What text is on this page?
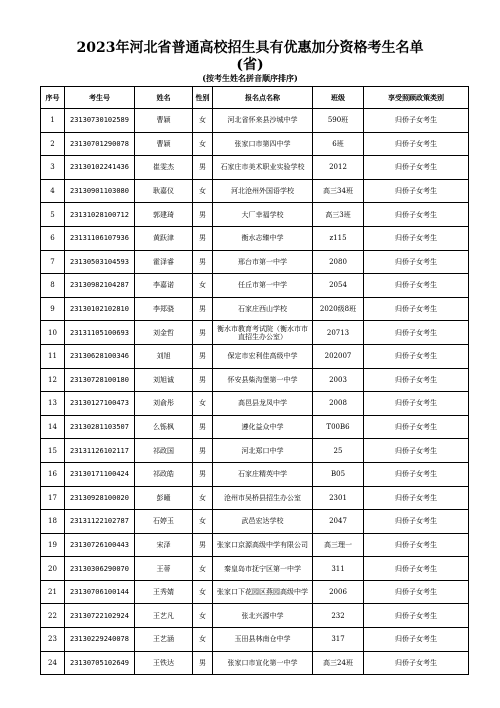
2023年河北省普通高校招生具有优惠加分资格考生名单
(省)
(按考生姓名拼音顺序排序)
序号	考生号	姓名	性别	报名点名称	班级	享受照顾政策类别
1	23130730102589	曹颖	女	河北省怀来县沙城中学	590班	归侨子女考生
2	23130701290078	曹颖	女	张家口市第四中学	6班	归侨子女考生
3	23130102241436	崔雯杰	男	石家庄市美术职业实验学校	2012	归侨子女考生
4	23130901103080	耿嘉仪	女	河北沧州外国语学校	高三34班	归侨子女考生
5	23131028100712	郭建琦	男	大厂幸福学校	高三3班	归侨子女考生
6	23131106107936	黄跃津	男	衡水志臻中学	z115	归侨子女考生
7	23130503104593	霍泽睿	男	邢台市第一中学	2080	归侨子女考生
8	23130982104287	李嘉诺	女	任丘市第一中学	2054	归侨子女考生
9	23130102102810	李郑骁	男	石家庄西山学校	2020级8班	归侨子女考生
10	23131105100693	刘金哲	男	衡水市教育考试院（衡水市市直招生办公室）	20713	归侨子女考生
11	23130628100346	刘旭	男	保定市宏利佳高级中学	202007	归侨子女考生
12	23130728100180	刘旭诚	男	怀安县柴沟堡第一中学	2003	归侨子女考生
13	23130127100473	刘俞彤	女	高邑县龙凤中学	2008	归侨子女考生
14	23130281103507	么铄枫	男	遵化益众中学	T00B6	归侨子女考生
15	23131126102117	祁政国	男	河北郑口中学	25	归侨子女考生
16	23130171100424	祁政皓	男	石家庄精英中学	B05	归侨子女考生
17	23130928100020	彭曈	女	沧州市吴桥县招生办公室	2301	归侨子女考生
18	23131122102787	石婷玉	女	武邑宏达学校	2047	归侨子女考生
19	23130726100443	宋泽	男	张家口京源高级中学有限公司	高三理一	归侨子女考生
20	23130306290070	王蒂	女	秦皇岛市抚宁区第一中学	311	归侨子女考生
21	23130706100144	王秀婧	女	张家口下花园区燕园高级中学	2006	归侨子女考生
22	23130722102924	王艺凡	女	张北兴源中学	232	归侨子女考生
23	23130229240078	王艺涵	女	玉田县林南仓中学	317	归侨子女考生
24	23130705102649	王铁达	男	张家口市宣化第一中学	高三24班	归侨子女考生
